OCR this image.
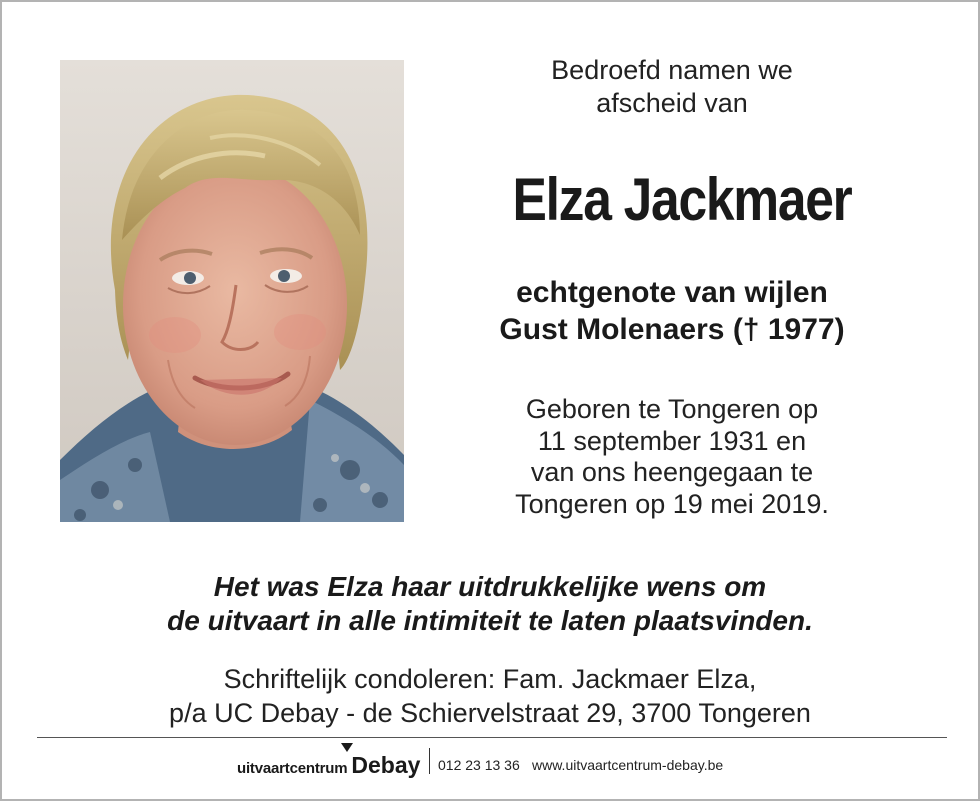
Bedroefd namen we
afscheid van

Elza Jackmaer

echtgenote van wijlen
Gust Molenaers († 1977)

Geboren te Tongeren op
11 september 1931 en
van ons heengegaan te
Tongeren op 19 mei 2019.

Het was Elza haar uitdrukkelijke wens om
de uitvaart in alle intimiteit te laten plaatsvinden.

Schriftelijk condoleren: Fam. Jackmaer Elza,
p/a UC Debay - de Schiervelstraat 29, 3700 Tongeren

uitvaartcentrum Debay 012 23 13 36 www.uitvaartcentrum-debay.be
